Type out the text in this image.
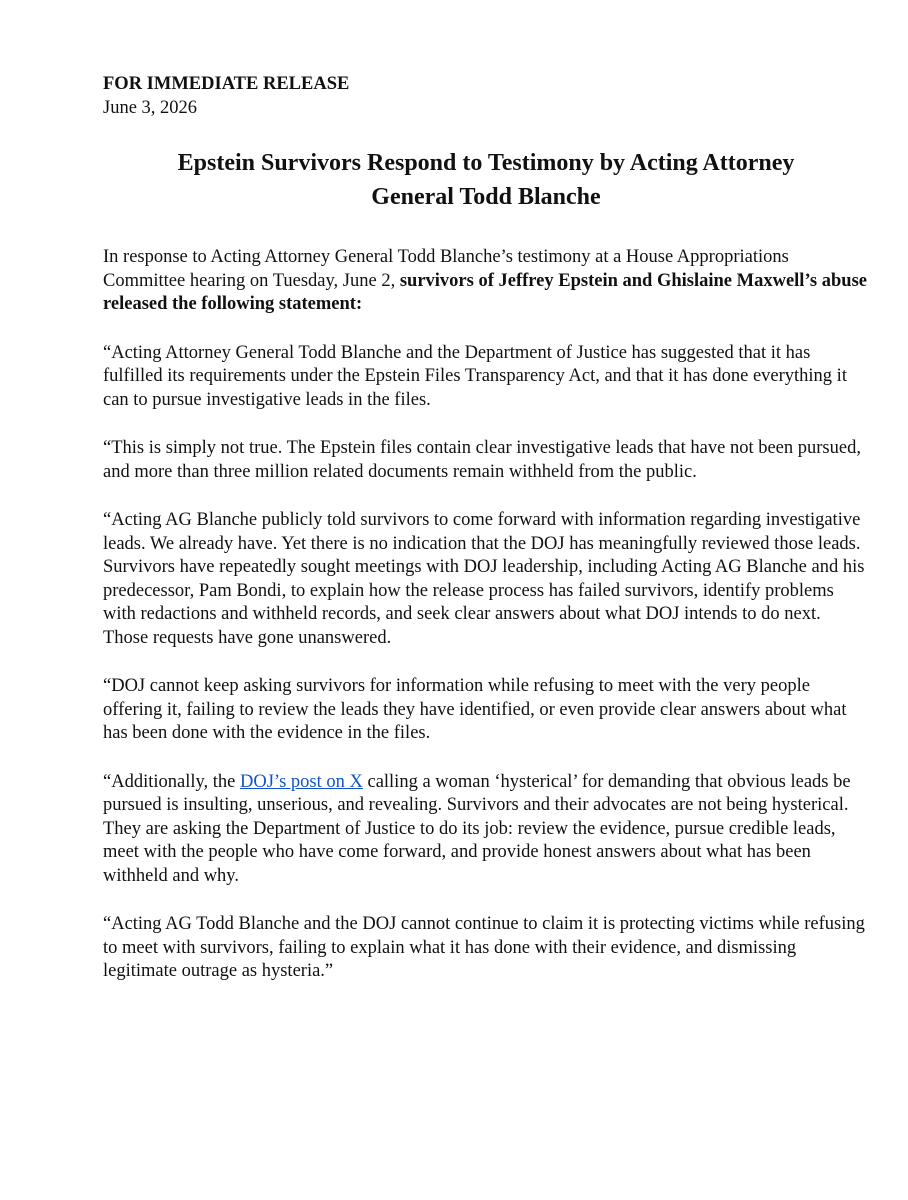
FOR IMMEDIATE RELEASE

June 3, 2026

Epstein Survivors Respond to Testimony by Acting Attorney
General Todd Blanche

In response to Acting Attorney General Todd Blanche’s testimony at a House Appropriations Committee hearing on Tuesday, June 2, survivors of Jeffrey Epstein and Ghislaine Maxwell’s abuse released the following statement:

“Acting Attorney General Todd Blanche and the Department of Justice has suggested that it has fulfilled its requirements under the Epstein Files Transparency Act, and that it has done everything it can to pursue investigative leads in the files.

“This is simply not true. The Epstein files contain clear investigative leads that have not been pursued, and more than three million related documents remain withheld from the public.

“Acting AG Blanche publicly told survivors to come forward with information regarding investigative leads. We already have. Yet there is no indication that the DOJ has meaningfully reviewed those leads. Survivors have repeatedly sought meetings with DOJ leadership, including Acting AG Blanche and his predecessor, Pam Bondi, to explain how the release process has failed survivors, identify problems with redactions and withheld records, and seek clear answers about what DOJ intends to do next. Those requests have gone unanswered.

“DOJ cannot keep asking survivors for information while refusing to meet with the very people offering it, failing to review the leads they have identified, or even provide clear answers about what has been done with the evidence in the files.

“Additionally, the DOJ’s post on X calling a woman ‘hysterical’ for demanding that obvious leads be pursued is insulting, unserious, and revealing. Survivors and their advocates are not being hysterical. They are asking the Department of Justice to do its job: review the evidence, pursue credible leads, meet with the people who have come forward, and provide honest answers about what has been withheld and why.

“Acting AG Todd Blanche and the DOJ cannot continue to claim it is protecting victims while refusing to meet with survivors, failing to explain what it has done with their evidence, and dismissing legitimate outrage as hysteria.”
